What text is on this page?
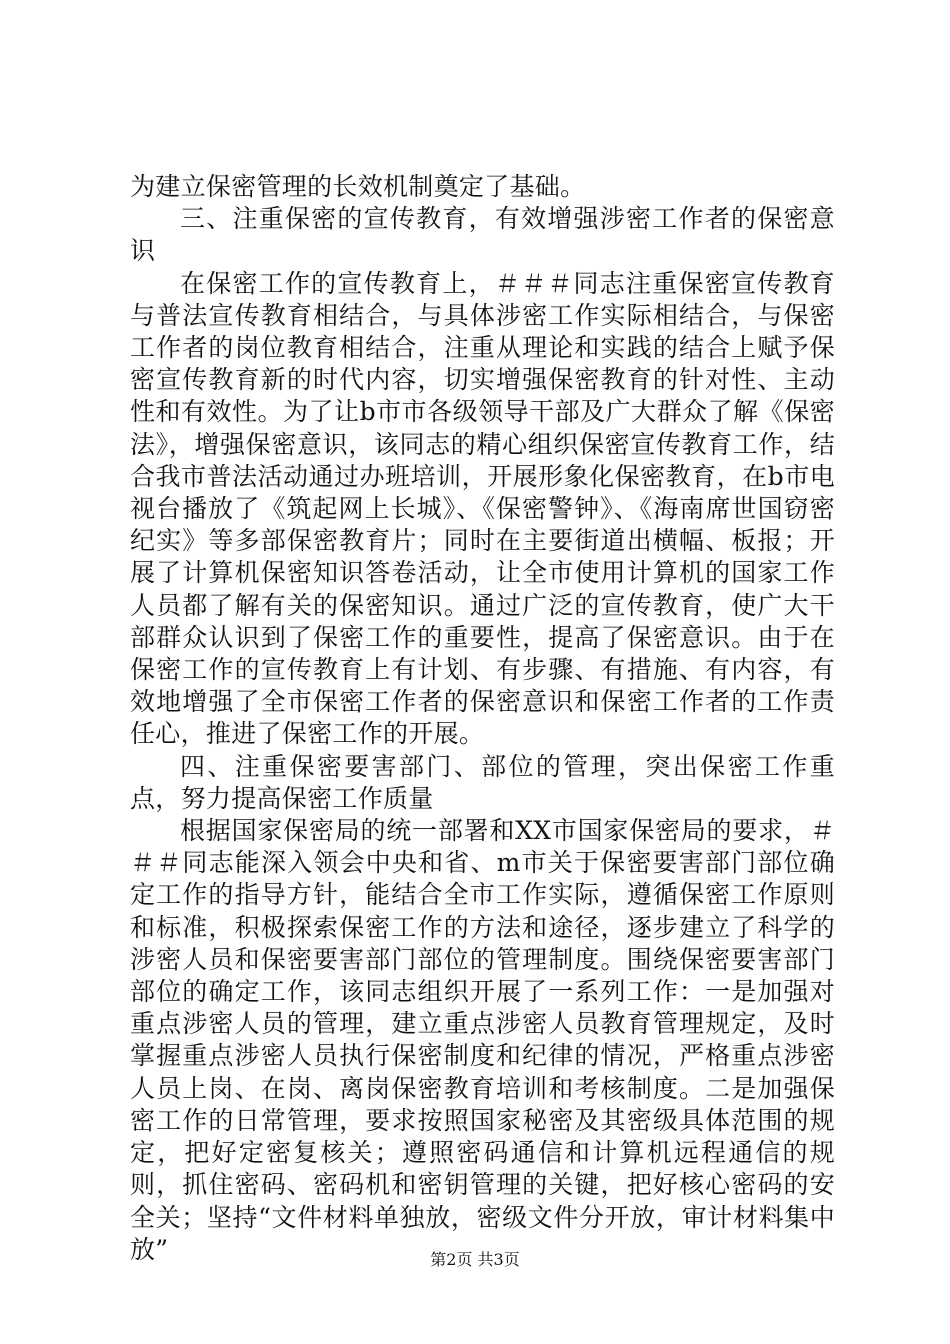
为建立保密管理的长效机制奠定了基础。

三、注重保密的宣传教育，有效增强涉密工作者的保密意识

在保密工作的宣传教育上，＃＃＃同志注重保密宣传教育与普法宣传教育相结合，与具体涉密工作实际相结合，与保密工作者的岗位教育相结合，注重从理论和实践的结合上赋予保密宣传教育新的时代内容，切实增强保密教育的针对性、主动性和有效性。为了让b市市各级领导干部及广大群众了解《保密法》，增强保密意识，该同志的精心组织保密宣传教育工作，结合我市普法活动通过办班培训，开展形象化保密教育，在b市电视台播放了《筑起网上长城》、《保密警钟》、《海南席世国窃密纪实》等多部保密教育片；同时在主要街道出横幅、板报；开展了计算机保密知识答卷活动，让全市使用计算机的国家工作人员都了解有关的保密知识。通过广泛的宣传教育，使广大干部群众认识到了保密工作的重要性，提高了保密意识。由于在保密工作的宣传教育上有计划、有步骤、有措施、有内容，有效地增强了全市保密工作者的保密意识和保密工作者的工作责任心，推进了保密工作的开展。

四、注重保密要害部门、部位的管理，突出保密工作重点，努力提高保密工作质量

根据国家保密局的统一部署和XX市国家保密局的要求，＃＃＃同志能深入领会中央和省、m市关于保密要害部门部位确定工作的指导方针，能结合全市工作实际，遵循保密工作原则和标准，积极探索保密工作的方法和途径，逐步建立了科学的涉密人员和保密要害部门部位的管理制度。围绕保密要害部门部位的确定工作，该同志组织开展了一系列工作：一是加强对重点涉密人员的管理，建立重点涉密人员教育管理规定，及时掌握重点涉密人员执行保密制度和纪律的情况，严格重点涉密人员上岗、在岗、离岗保密教育培训和考核制度。二是加强保密工作的日常管理，要求按照国家秘密及其密级具体范围的规定，把好定密复核关；遵照密码通信和计算机远程通信的规则，抓住密码、密码机和密钥管理的关键，把好核心密码的安全关；坚持“文件材料单独放，密级文件分开放，审计材料集中放”	第2页 共3页
